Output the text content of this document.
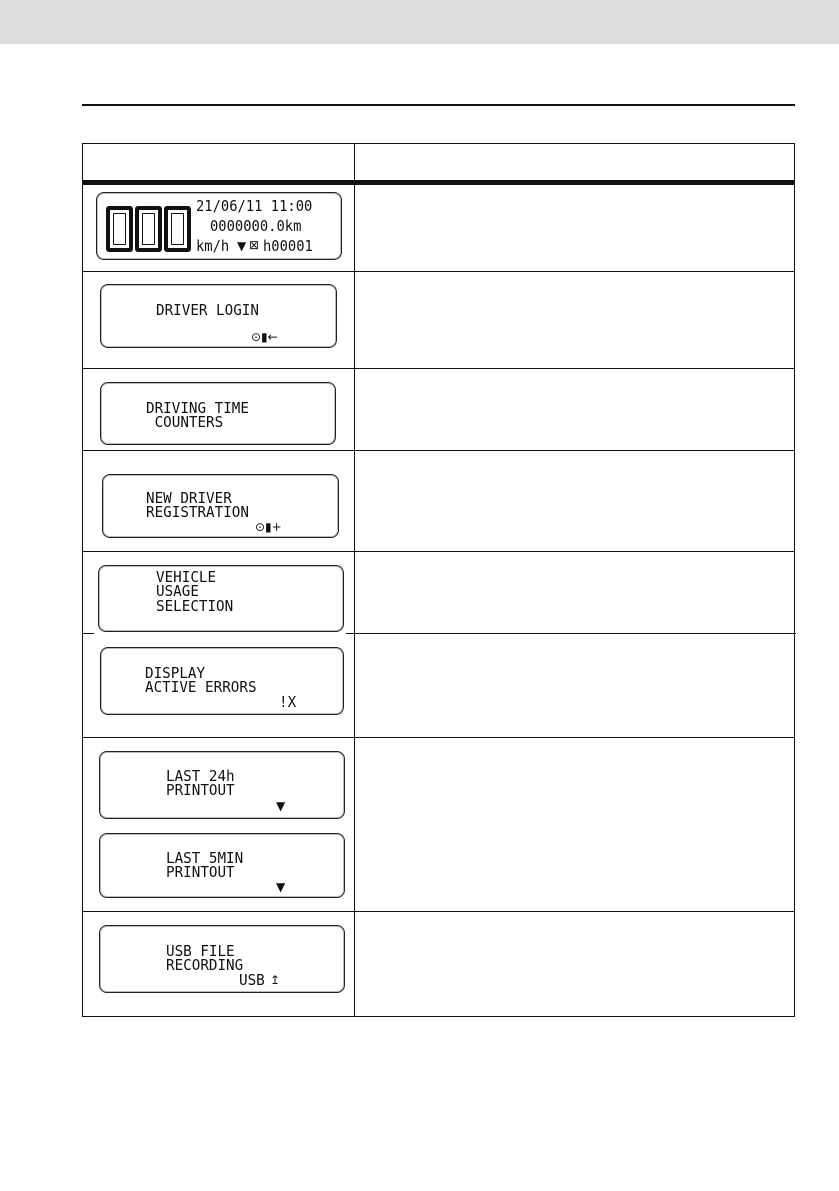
21/06/11 11:00
0000000.0km
km/h ▼ ⊠ h00001
DRIVER LOGIN
⊙▮←
DRIVING TIME
COUNTERS
NEW DRIVER
REGISTRATION
⊙▮+
VEHICLE
USAGE
SELECTION
DISPLAY
ACTIVE ERRORS
!X
LAST 24h
PRINTOUT
▼
LAST 5MIN
PRINTOUT
▼
USB FILE
RECORDING
USB ↥
